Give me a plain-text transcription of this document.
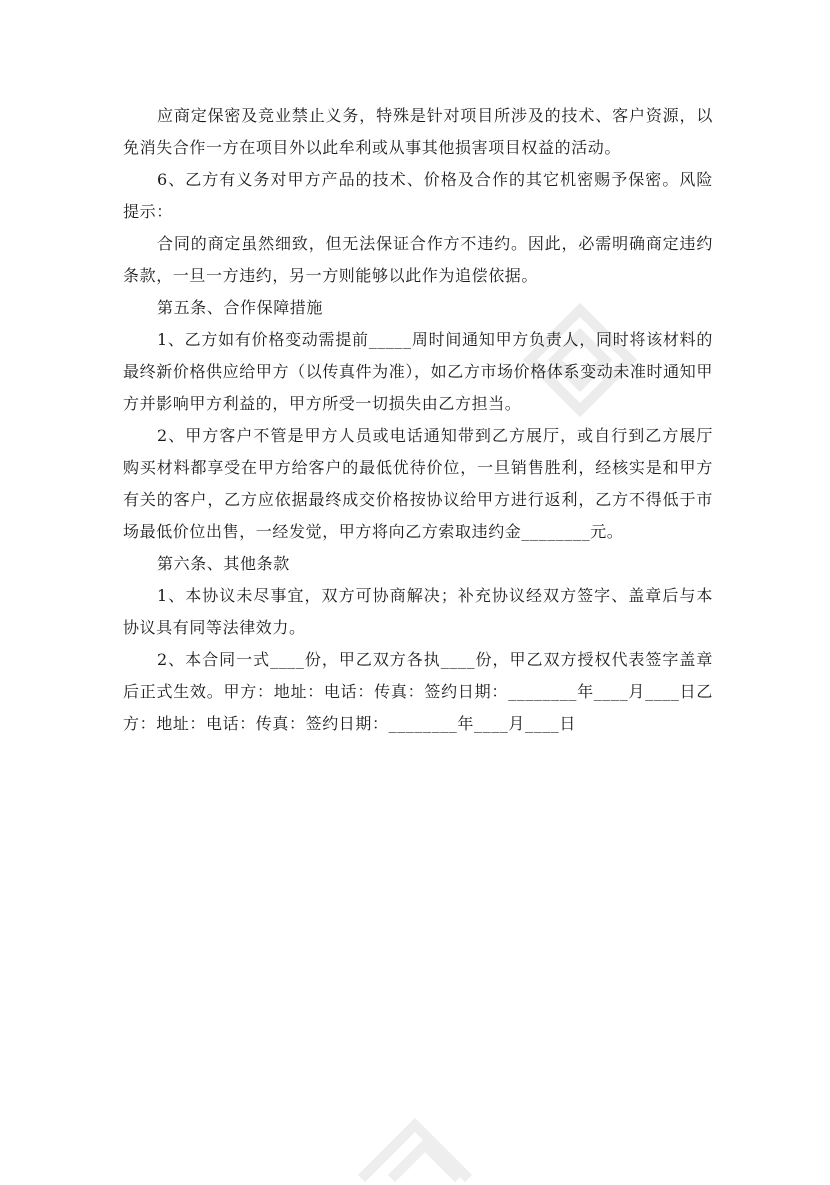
应商定保密及竞业禁止义务，特殊是针对项目所涉及的技术、客户资源，以免消失合作一方在项目外以此牟利或从事其他损害项目权益的活动。

6、乙方有义务对甲方产品的技术、价格及合作的其它机密赐予保密。风险提示：

合同的商定虽然细致，但无法保证合作方不违约。因此，必需明确商定违约条款，一旦一方违约，另一方则能够以此作为追偿依据。

第五条、合作保障措施

1、乙方如有价格变动需提前_____周时间通知甲方负责人，同时将该材料的最终新价格供应给甲方（以传真件为准），如乙方市场价格体系变动未准时通知甲方并影响甲方利益的，甲方所受一切损失由乙方担当。

2、甲方客户不管是甲方人员或电话通知带到乙方展厅，或自行到乙方展厅购买材料都享受在甲方给客户的最低优待价位，一旦销售胜利，经核实是和甲方有关的客户，乙方应依据最终成交价格按协议给甲方进行返利，乙方不得低于市场最低价位出售，一经发觉，甲方将向乙方索取违约金________元。

第六条、其他条款

1、本协议未尽事宜，双方可协商解决；补充协议经双方签字、盖章后与本协议具有同等法律效力。

2、本合同一式____份，甲乙双方各执____份，甲乙双方授权代表签字盖章后正式生效。甲方：地址：电话：传真：签约日期：________年____月____日乙方：地址：电话：传真：签约日期：________年____月____日
